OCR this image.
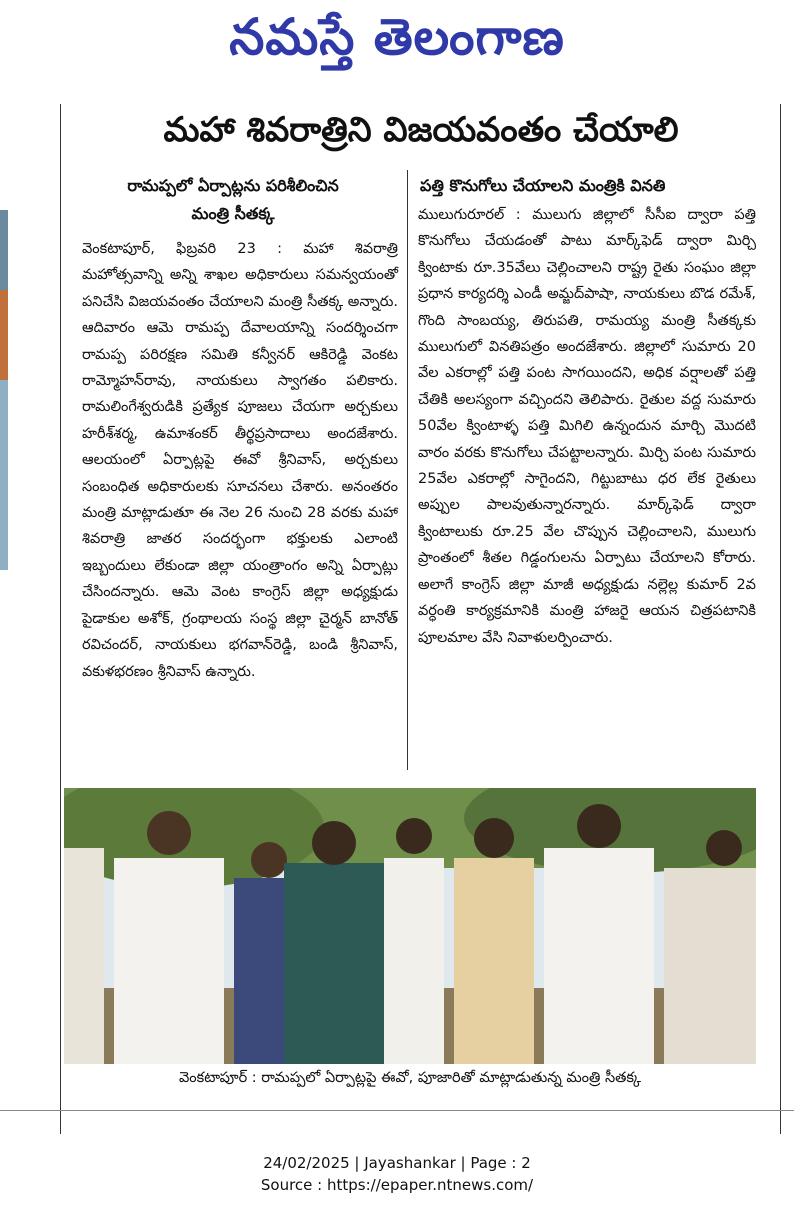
నమస్తే తెలంగాణ
మహా శివరాత్రిని విజయవంతం చేయాలి
రామప్పలో ఏర్పాట్లను పరిశీలించిన
మంత్రి సీతక్క
వెంకటాపూర్, ఫిబ్రవరి 23 : మహా శివరాత్రి మహోత్సవాన్ని అన్ని శాఖల అధికారులు సమన్వయంతో పనిచేసి విజయవంతం చేయాలని మంత్రి సీతక్క అన్నారు. ఆదివారం ఆమె రామప్ప దేవాలయాన్ని సందర్శించగా రామప్ప పరిరక్షణ సమితి కన్వీనర్ ఆకిరెడ్డి వెంకట రామ్మోహన్‌రావు, నాయకులు స్వాగతం పలికారు. రామలింగేశ్వరుడికి ప్రత్యేక పూజలు చేయగా అర్చకులు హరీశ్‌శర్మ, ఉమాశంకర్ తీర్థప్రసాదాలు అందజేశారు. ఆలయంలో ఏర్పాట్లపై ఈవో శ్రీనివాస్, అర్చకులు సంబంధిత అధికారులకు సూచనలు చేశారు. అనంతరం మంత్రి మాట్లాడుతూ ఈ నెల 26 నుంచి 28 వరకు మహా శివరాత్రి జాతర సందర్భంగా భక్తులకు ఎలాంటి ఇబ్బందులు లేకుండా జిల్లా యంత్రాంగం అన్ని ఏర్పాట్లు చేసిందన్నారు. ఆమె వెంట కాంగ్రెస్ జిల్లా అధ్యక్షుడు పైడాకుల అశోక్, గ్రంథాలయ సంస్థ జిల్లా చైర్మన్ బానోత్ రవిచందర్, నాయకులు భగవాన్‌రెడ్డి, బండి శ్రీనివాస్, వకుళభరణం శ్రీనివాస్ ఉన్నారు.
పత్తి కొనుగోలు చేయాలని మంత్రికి వినతి
ములుగురూరల్ : ములుగు జిల్లాలో సీసీఐ ద్వారా పత్తి కొనుగోలు చేయడంతో పాటు మార్క్‌ఫెడ్ ద్వారా మిర్చి క్వింటాకు రూ.35వేలు చెల్లించాలని రాష్ట్ర రైతు సంఘం జిల్లా ప్రధాన కార్యదర్శి ఎండీ అమ్జద్‌పాషా, నాయకులు బొడ రమేశ్, గొంది సాంబయ్య, తిరుపతి, రామయ్య మంత్రి సీతక్కకు ములుగులో వినతిపత్రం అందజేశారు. జిల్లాలో సుమారు 20 వేల ఎకరాల్లో పత్తి పంట సాగయిందని, అధిక వర్షాలతో పత్తి చేతికి అలస్యంగా వచ్చిందని తెలిపారు. రైతుల వద్ద సుమారు 50వేల క్వింటాళ్ళ పత్తి మిగిలి ఉన్నందున మార్చి మొదటి వారం వరకు కొనుగోలు చేపట్టాలన్నారు. మిర్చి పంట సుమారు 25వేల ఎకరాల్లో సాగైందని, గిట్టుబాటు ధర లేక రైతులు అప్పుల పాలవుతున్నారన్నారు. మార్క్‌ఫెడ్ ద్వారా క్వింటాలుకు రూ.25 వేల చొప్పున చెల్లించాలని, ములుగు ప్రాంతంలో శీతల గిడ్డంగులను ఏర్పాటు చేయాలని కోరారు. అలాగే కాంగ్రెస్ జిల్లా మాజీ అధ్యక్షుడు నల్లెల్ల కుమార్ 2వ వర్ధంతి కార్యక్రమానికి మంత్రి హాజరై ఆయన చిత్రపటానికి పూలమాల వేసి నివాళులర్పించారు.
వెంకటాపూర్ : రామప్పలో ఏర్పాట్లపై ఈవో, పూజారితో మాట్లాడుతున్న మంత్రి సీతక్క
24/02/2025 | Jayashankar | Page : 2
Source : https://epaper.ntnews.com/
